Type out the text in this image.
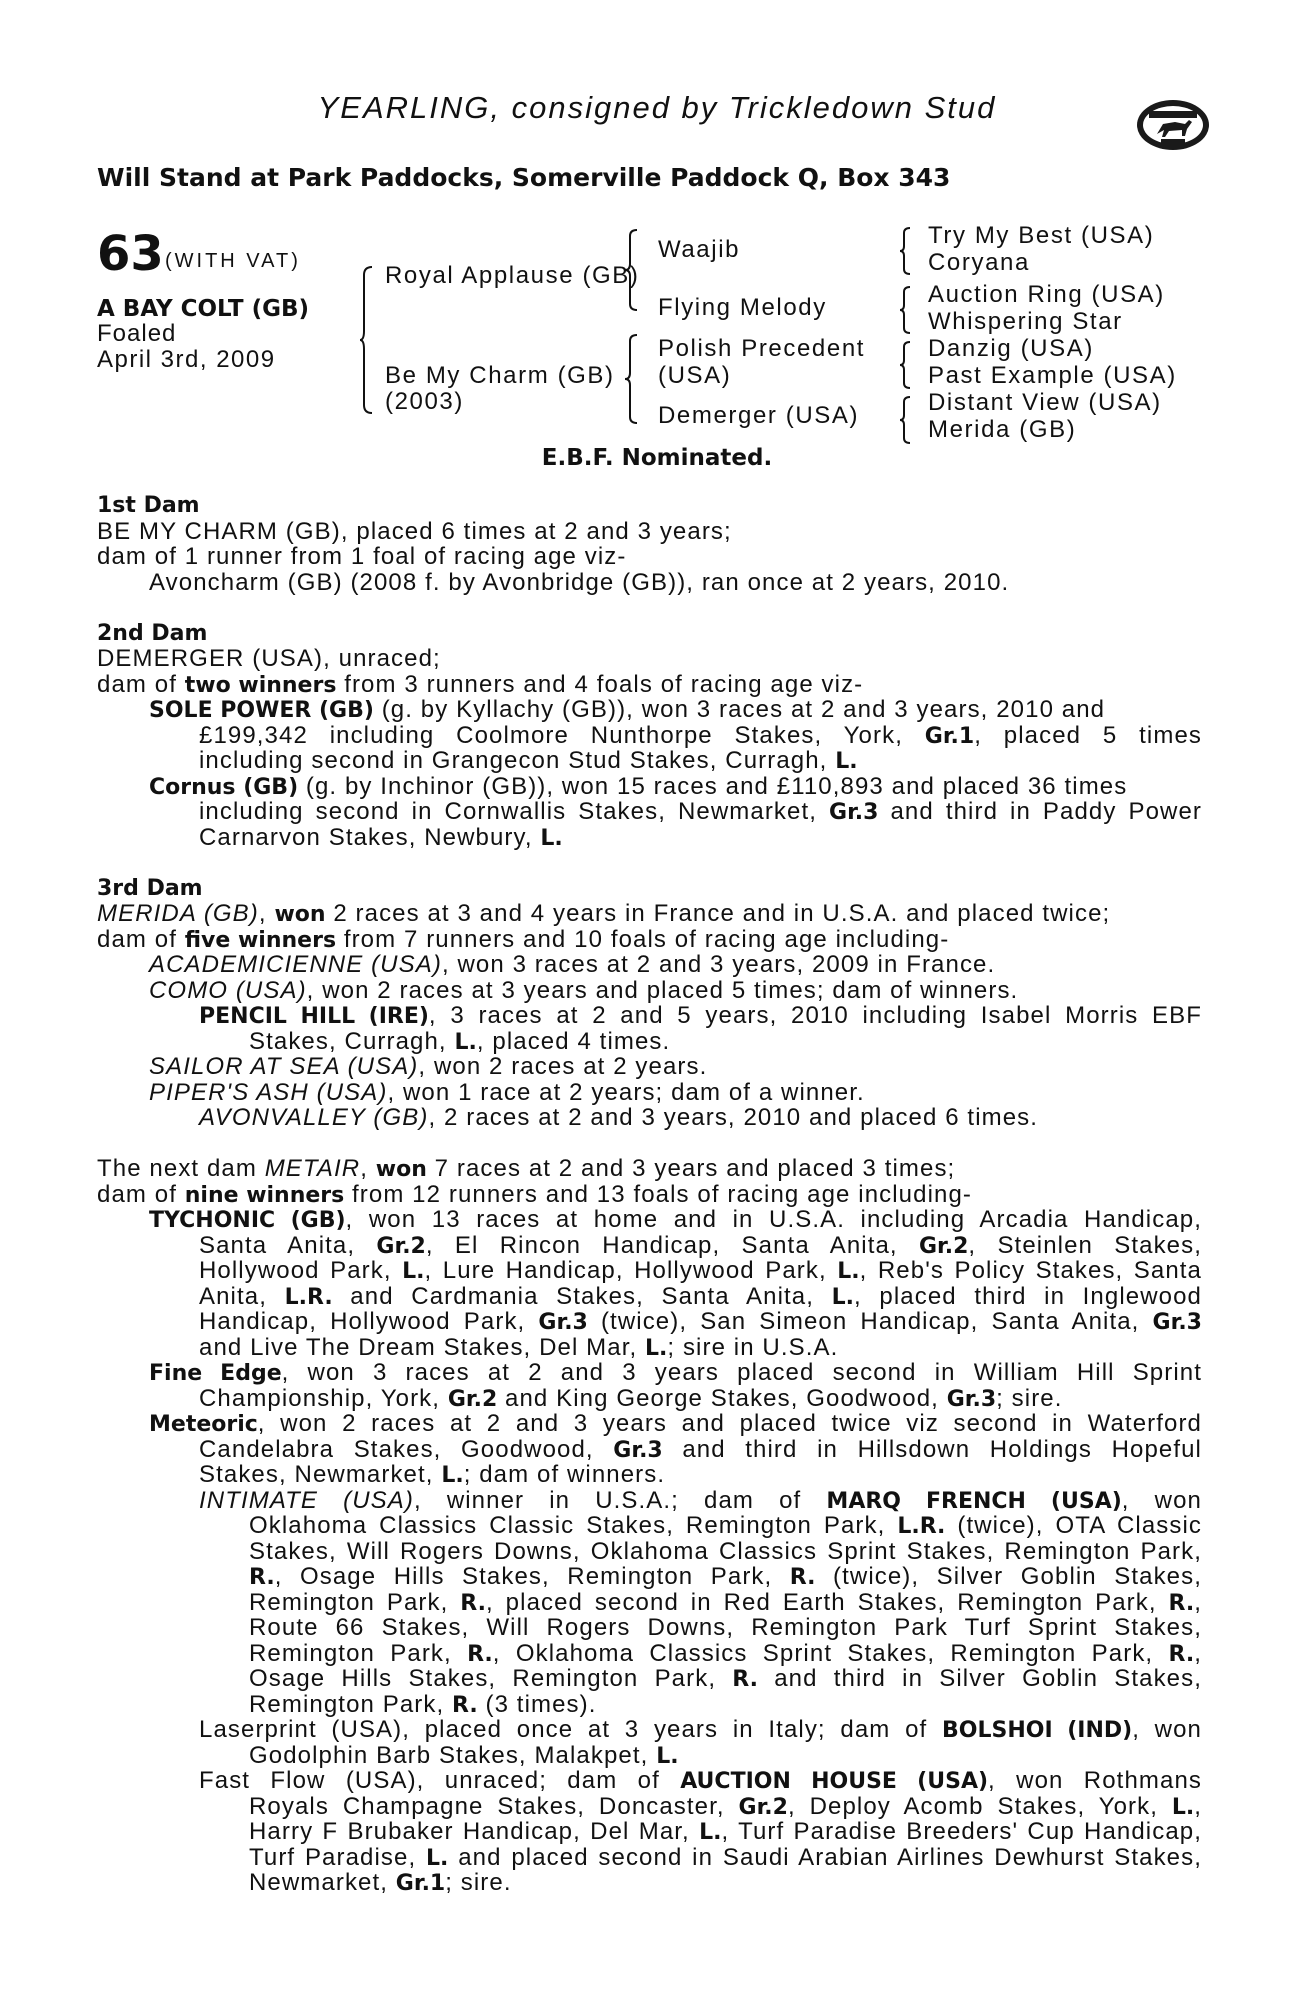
YEARLING, consigned by Trickledown Stud
Will Stand at Park Paddocks, Somerville Paddock Q, Box 343
63 (WITH VAT)
A BAY COLT (GB)
Foaled
April 3rd, 2009
Royal Applause (GB)
Be My Charm (GB)
(2003)
Waajib
Flying Melody
Polish Precedent
(USA)
Demerger (USA)
Try My Best (USA)
Coryana
Auction Ring (USA)
Whispering Star
Danzig (USA)
Past Example (USA)
Distant View (USA)
Merida (GB)
E.B.F. Nominated.
1st Dam
BE MY CHARM (GB), placed 6 times at 2 and 3 years;
dam of 1 runner from 1 foal of racing age viz-
Avoncharm (GB) (2008 f. by Avonbridge (GB)), ran once at 2 years, 2010.
2nd Dam
DEMERGER (USA), unraced;
dam of two winners from 3 runners and 4 foals of racing age viz-
SOLE POWER (GB) (g. by Kyllachy (GB)), won 3 races at 2 and 3 years, 2010 and
£199,342 including Coolmore Nunthorpe Stakes, York, Gr.1, placed 5 times
including second in Grangecon Stud Stakes, Curragh, L.
Cornus (GB) (g. by Inchinor (GB)), won 15 races and £110,893 and placed 36 times
including second in Cornwallis Stakes, Newmarket, Gr.3 and third in Paddy Power
Carnarvon Stakes, Newbury, L.
3rd Dam
MERIDA (GB), won 2 races at 3 and 4 years in France and in U.S.A. and placed twice;
dam of five winners from 7 runners and 10 foals of racing age including-
ACADEMICIENNE (USA), won 3 races at 2 and 3 years, 2009 in France.
COMO (USA), won 2 races at 3 years and placed 5 times; dam of winners.
PENCIL HILL (IRE), 3 races at 2 and 5 years, 2010 including Isabel Morris EBF
Stakes, Curragh, L., placed 4 times.
SAILOR AT SEA (USA), won 2 races at 2 years.
PIPER'S ASH (USA), won 1 race at 2 years; dam of a winner.
AVONVALLEY (GB), 2 races at 2 and 3 years, 2010 and placed 6 times.
The next dam METAIR, won 7 races at 2 and 3 years and placed 3 times;
dam of nine winners from 12 runners and 13 foals of racing age including-
TYCHONIC (GB), won 13 races at home and in U.S.A. including Arcadia Handicap,
Santa Anita, Gr.2, El Rincon Handicap, Santa Anita, Gr.2, Steinlen Stakes,
Hollywood Park, L., Lure Handicap, Hollywood Park, L., Reb's Policy Stakes, Santa
Anita, L.R. and Cardmania Stakes, Santa Anita, L., placed third in Inglewood
Handicap, Hollywood Park, Gr.3 (twice), San Simeon Handicap, Santa Anita, Gr.3
and Live The Dream Stakes, Del Mar, L.; sire in U.S.A.
Fine Edge, won 3 races at 2 and 3 years placed second in William Hill Sprint
Championship, York, Gr.2 and King George Stakes, Goodwood, Gr.3; sire.
Meteoric, won 2 races at 2 and 3 years and placed twice viz second in Waterford
Candelabra Stakes, Goodwood, Gr.3 and third in Hillsdown Holdings Hopeful
Stakes, Newmarket, L.; dam of winners.
INTIMATE (USA), winner in U.S.A.; dam of MARQ FRENCH (USA), won
Oklahoma Classics Classic Stakes, Remington Park, L.R. (twice), OTA Classic
Stakes, Will Rogers Downs, Oklahoma Classics Sprint Stakes, Remington Park,
R., Osage Hills Stakes, Remington Park, R. (twice), Silver Goblin Stakes,
Remington Park, R., placed second in Red Earth Stakes, Remington Park, R.,
Route 66 Stakes, Will Rogers Downs, Remington Park Turf Sprint Stakes,
Remington Park, R., Oklahoma Classics Sprint Stakes, Remington Park, R.,
Osage Hills Stakes, Remington Park, R. and third in Silver Goblin Stakes,
Remington Park, R. (3 times).
Laserprint (USA), placed once at 3 years in Italy; dam of BOLSHOI (IND), won
Godolphin Barb Stakes, Malakpet, L.
Fast Flow (USA), unraced; dam of AUCTION HOUSE (USA), won Rothmans
Royals Champagne Stakes, Doncaster, Gr.2, Deploy Acomb Stakes, York, L.,
Harry F Brubaker Handicap, Del Mar, L., Turf Paradise Breeders' Cup Handicap,
Turf Paradise, L. and placed second in Saudi Arabian Airlines Dewhurst Stakes,
Newmarket, Gr.1; sire.
